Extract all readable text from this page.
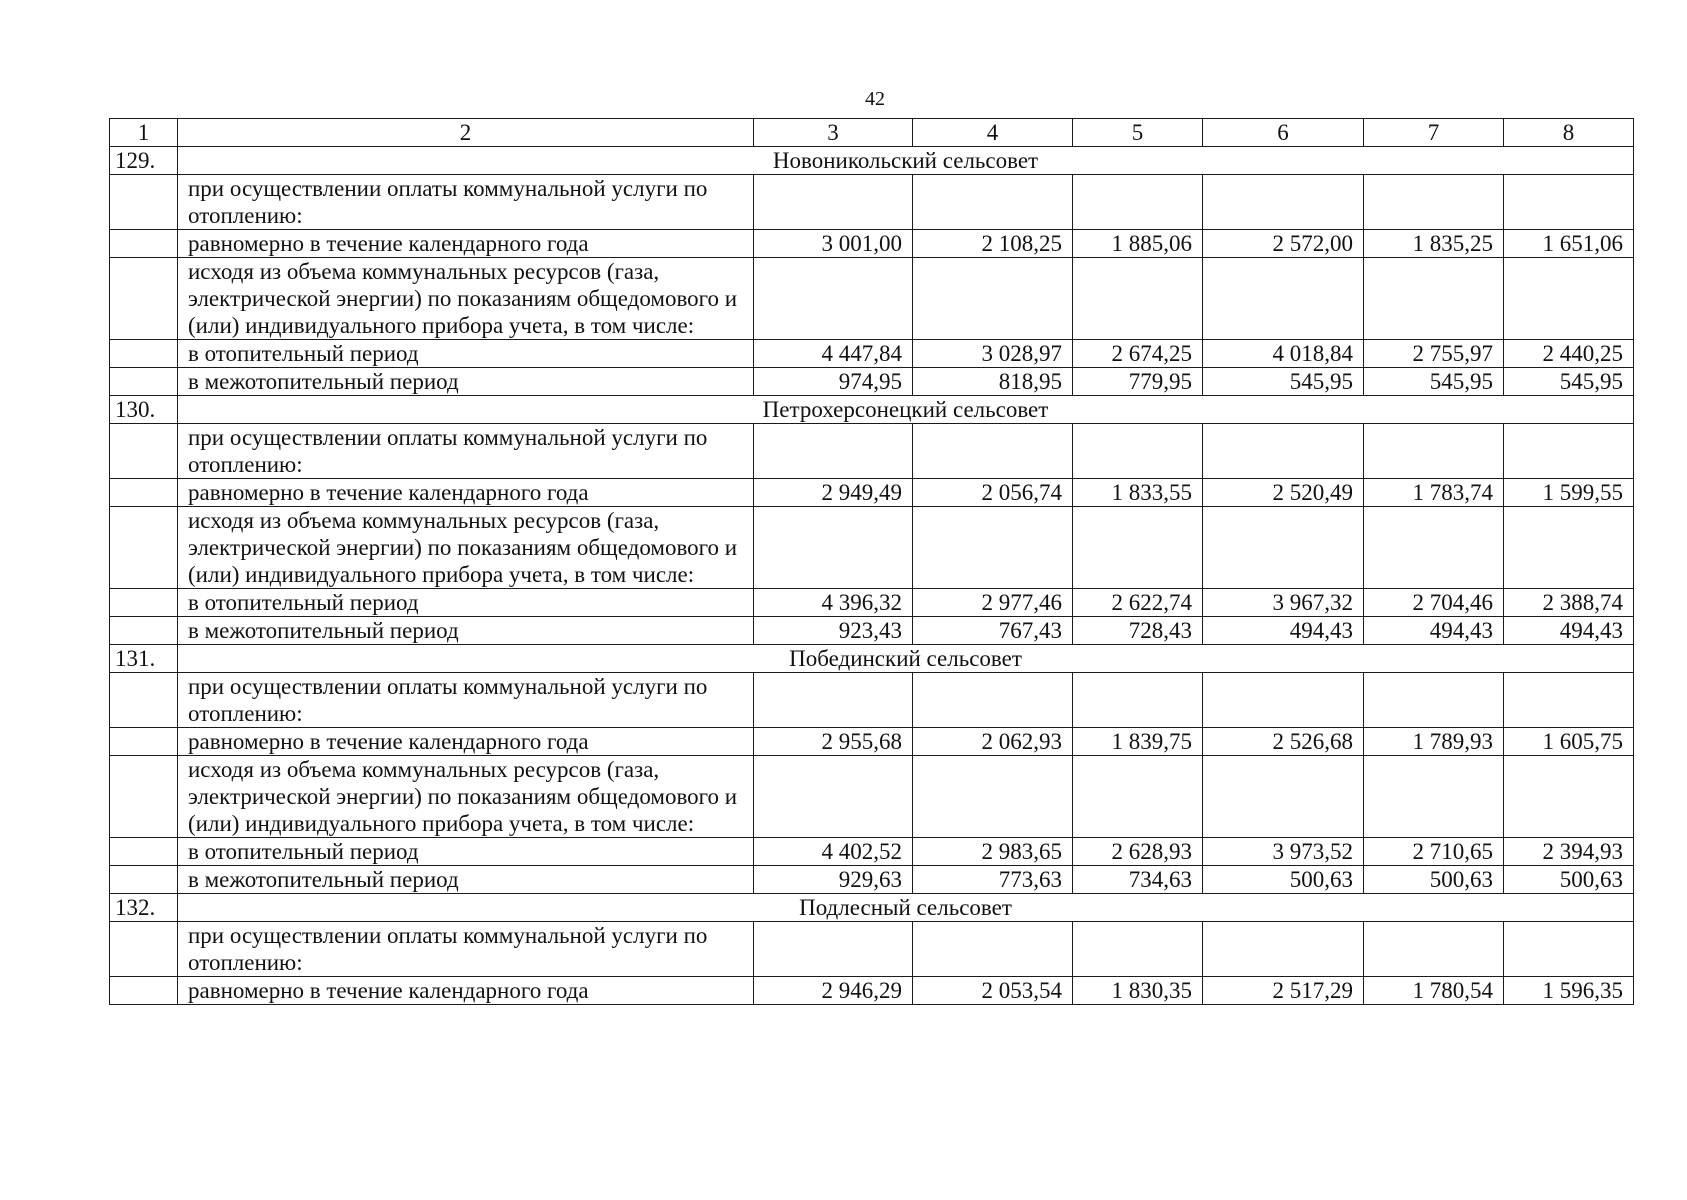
42
1	2	3	4	5	6	7	8
129.	Новоникольский сельсовет						
	при осуществлении оплаты коммунальной услуги по отоплению:						
	равномерно в течение календарного года	3 001,00	2 108,25	1 885,06	2 572,00	1 835,25	1 651,06
	исходя из объема коммунальных ресурсов (газа, электрической энергии) по показаниям общедомового и (или) индивидуального прибора учета, в том числе:						
	в отопительный период	4 447,84	3 028,97	2 674,25	4 018,84	2 755,97	2 440,25
	в межотопительный период	974,95	818,95	779,95	545,95	545,95	545,95
130.	Петрохерсонецкий сельсовет						
	при осуществлении оплаты коммунальной услуги по отоплению:						
	равномерно в течение календарного года	2 949,49	2 056,74	1 833,55	2 520,49	1 783,74	1 599,55
	исходя из объема коммунальных ресурсов (газа, электрической энергии) по показаниям общедомового и (или) индивидуального прибора учета, в том числе:						
	в отопительный период	4 396,32	2 977,46	2 622,74	3 967,32	2 704,46	2 388,74
	в межотопительный период	923,43	767,43	728,43	494,43	494,43	494,43
131.	Побединский сельсовет						
	при осуществлении оплаты коммунальной услуги по отоплению:						
	равномерно в течение календарного года	2 955,68	2 062,93	1 839,75	2 526,68	1 789,93	1 605,75
	исходя из объема коммунальных ресурсов (газа, электрической энергии) по показаниям общедомового и (или) индивидуального прибора учета, в том числе:						
	в отопительный период	4 402,52	2 983,65	2 628,93	3 973,52	2 710,65	2 394,93
	в межотопительный период	929,63	773,63	734,63	500,63	500,63	500,63
132.	Подлесный сельсовет						
	при осуществлении оплаты коммунальной услуги по отоплению:						
	равномерно в течение календарного года	2 946,29	2 053,54	1 830,35	2 517,29	1 780,54	1 596,35
